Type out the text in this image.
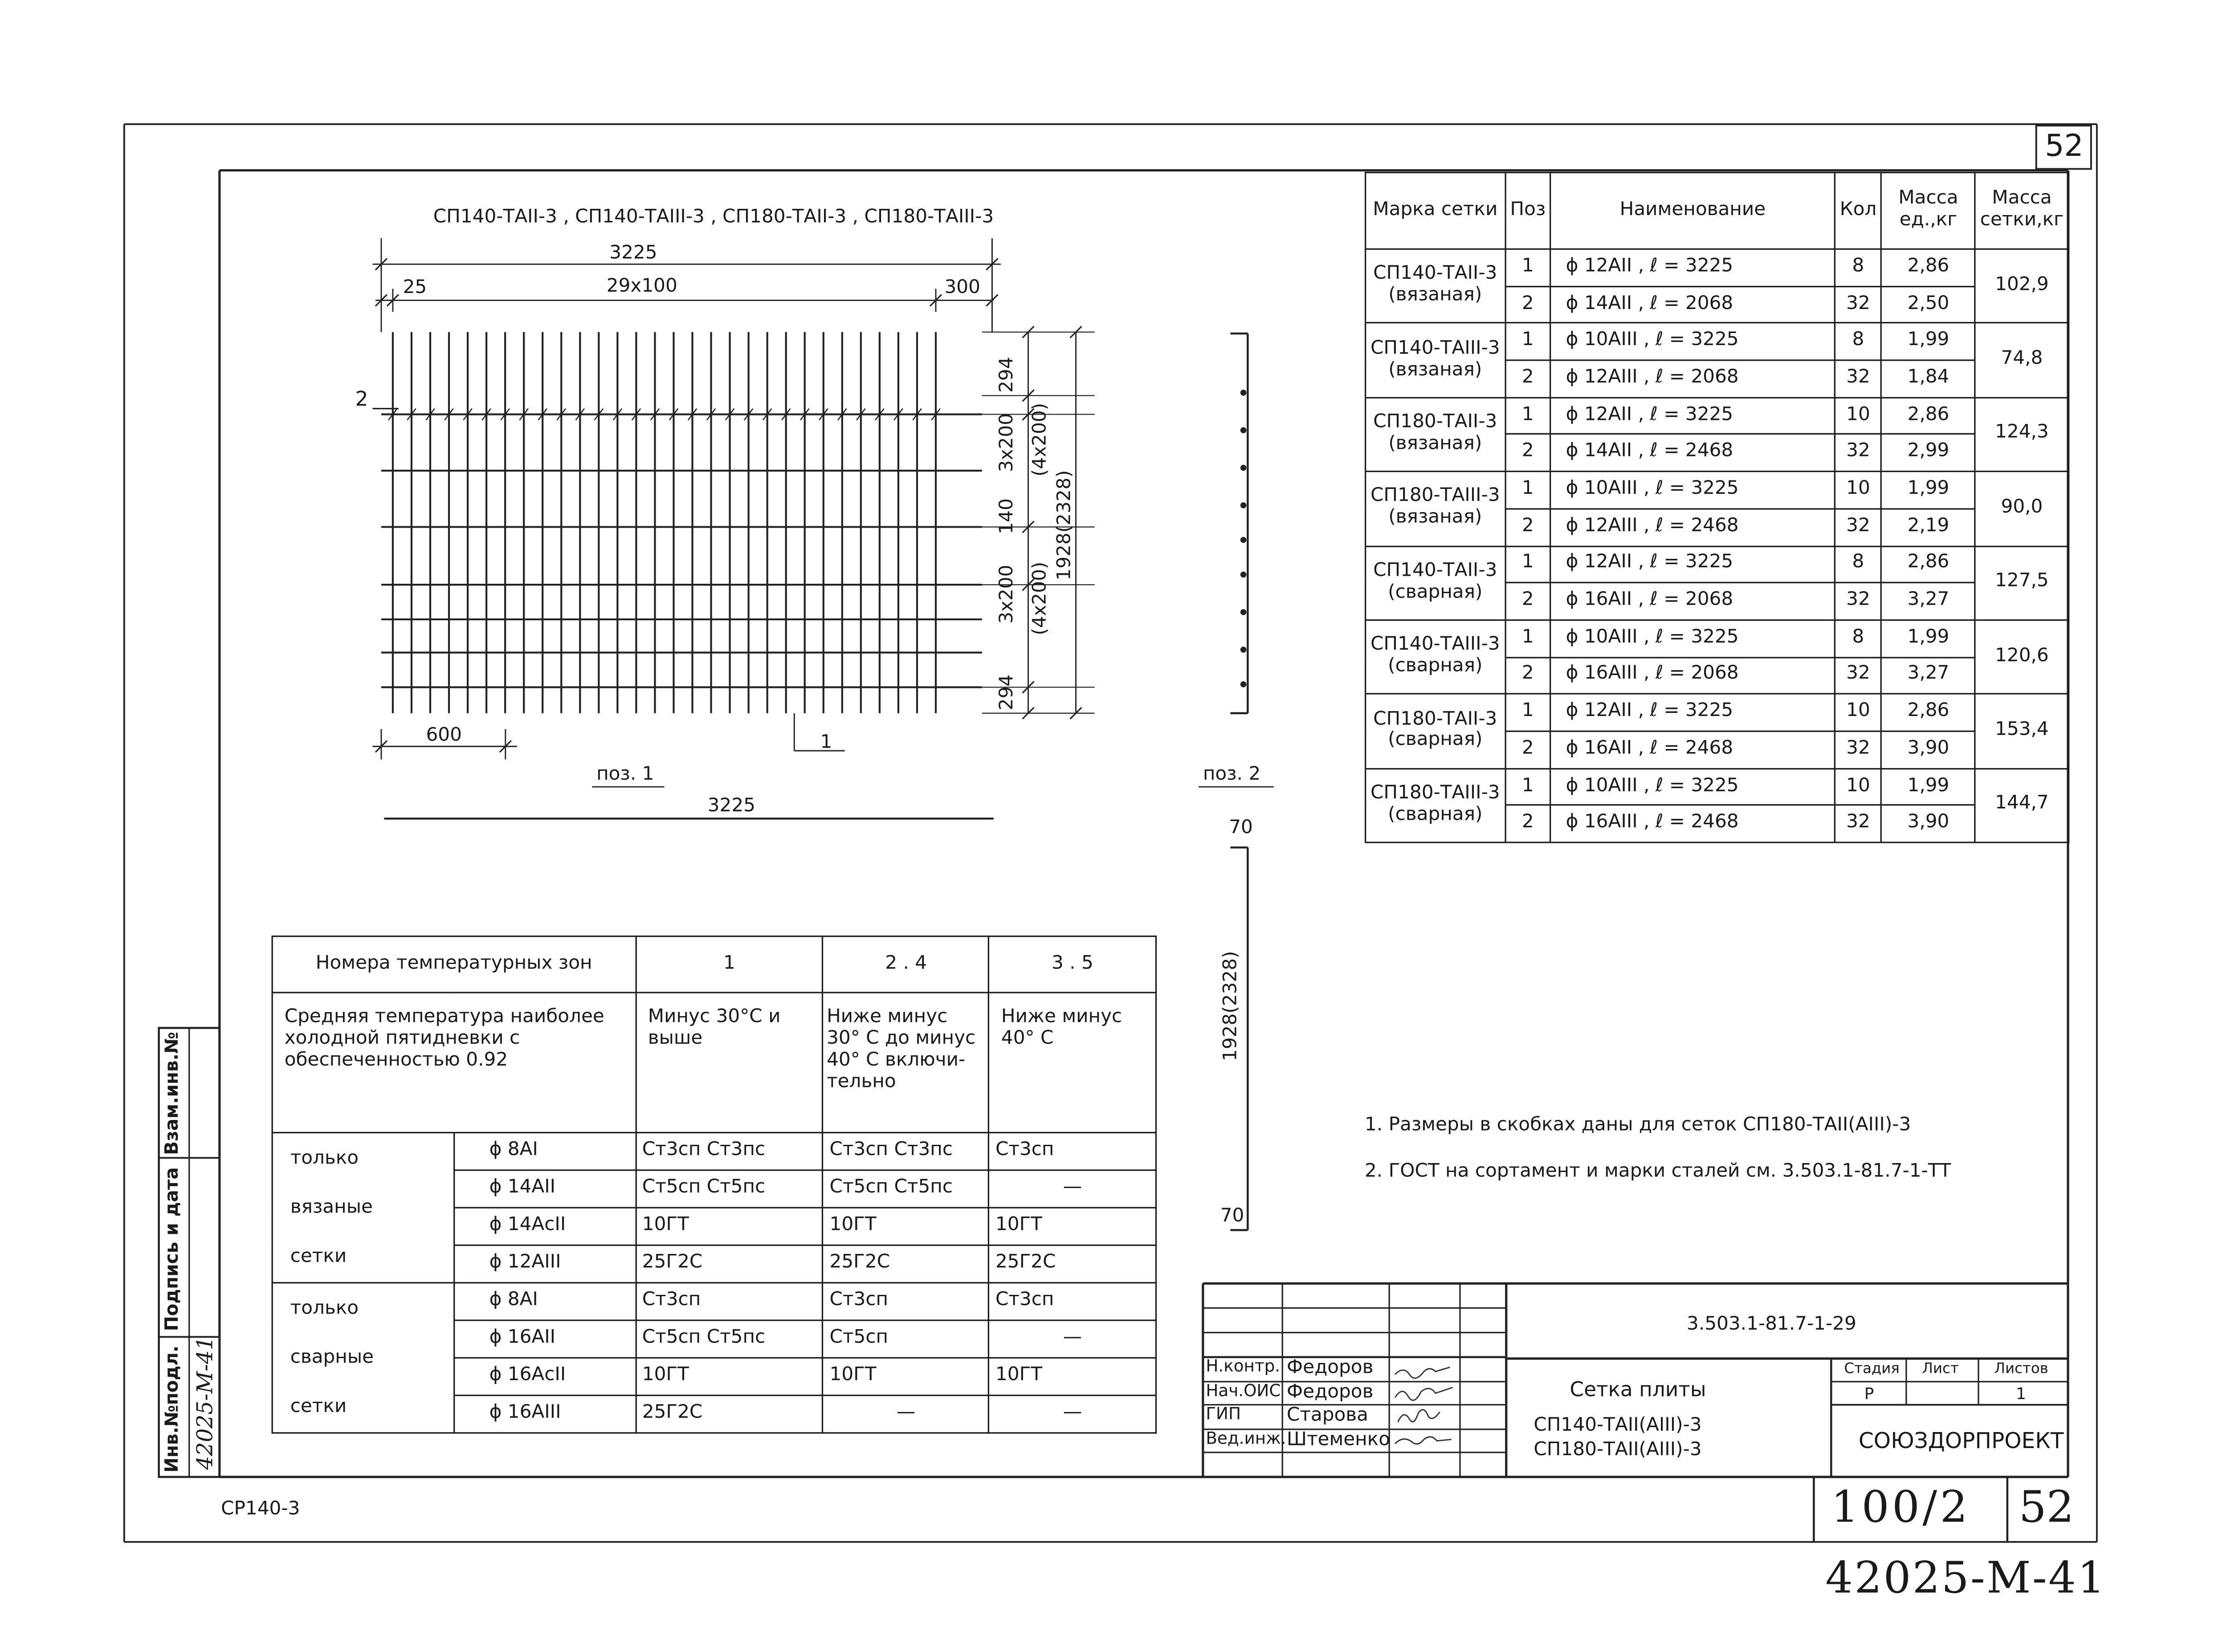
52
СП140-ТАII-3 , СП140-ТАIII-3 , СП180-ТАII-3 , СП180-ТАIII-3
3225
25	29х100	300
2
294
3х200 (4х200)
140
3х200 (4х200)
294
1928(2328)
600	1
поз. 1
3225
поз. 2
70
1928(2328)
70
Марка сетки	Поз	Наименование	Кол	Масса ед.,кг	Масса сетки,кг

СП140-ТАII-3
(вязаная)	1	ϕ 12АII , ℓ = 3225	8	2,86	102,9
	2	ϕ 14АII , ℓ = 2068	32	2,50	

СП140-ТАIII-3
(вязаная)	1	ϕ 10АIII , ℓ = 3225	8	1,99	74,8
	2	ϕ 12АIII , ℓ = 2068	32	1,84	

СП180-ТАII-3
(вязаная)	1	ϕ 12АII , ℓ = 3225	10	2,86	124,3
	2	ϕ 14АII , ℓ = 2468	32	2,99	

СП180-ТАIII-3
(вязаная)	1	ϕ 10АIII , ℓ = 3225	10	1,99	90,0
	2	ϕ 12АIII , ℓ = 2468	32	2,19	

СП140-ТАII-3
(сварная)	1	ϕ 12АII , ℓ = 3225	8	2,86	127,5
	2	ϕ 16АII , ℓ = 2068	32	3,27	

СП140-ТАIII-3
(сварная)	1	ϕ 10АIII , ℓ = 3225	8	1,99	120,6
	2	ϕ 16АIII , ℓ = 2068	32	3,27	

СП180-ТАII-3
(сварная)	1	ϕ 12АII , ℓ = 3225	10	2,86	153,4
	2	ϕ 16АII , ℓ = 2468	32	3,90	

СП180-ТАIII-3
(сварная)	1	ϕ 10АIII , ℓ = 3225	10	1,99	144,7
	2	ϕ 16АIII , ℓ = 2468	32	3,90	
Номера температурных зон		1	2 . 4	3 . 5
Средняя температура наиболее холодной пятидневки с обеспеченностью 0.92		Минус 30°С и выше	Ниже минус 30° С до минус 40° С включи- тельно	Ниже минус 40° С

только
вязаные
сетки	ϕ 8АI	Ст3сп Ст3пс	Ст3сп Ст3пс	Ст3сп
	ϕ 14АII	Ст5сп Ст5пс	Ст5сп Ст5пс	—
	ϕ 14АсII	10ГТ	10ГТ	10ГТ
	ϕ 12АIII	25Г2С	25Г2С	25Г2С

только
сварные
сетки	ϕ 8АI	Ст3сп	Ст3сп	Ст3сп
	ϕ 16АII	Ст5сп Ст5пс	Ст5сп	—
	ϕ 16АсII	10ГТ	10ГТ	10ГТ
	ϕ 16АIII	25Г2С	—	—
1. Размеры в скобках даны для сеток СП180-ТАII(АIII)-3
2. ГОСТ на сортамент и марки сталей см. 3.503.1-81.7-1-ТТ
3.503.1-81.7-1-29
Н.контр. Федоров
Нач.ОИС Федоров
ГИП	Старова
Вед.инж. Штеменко
Сетка плиты
СП140-ТАII(АIII)-3
СП180-ТАII(АIII)-3
Стадия	Лист	Листов
Р	1
СОЮЗДОРПРОЕКТ
Инв.№подл. 42025-М-41
Подпись и дата
Взам.инв.№
СР140-3	100/2	52
42025-М-41
